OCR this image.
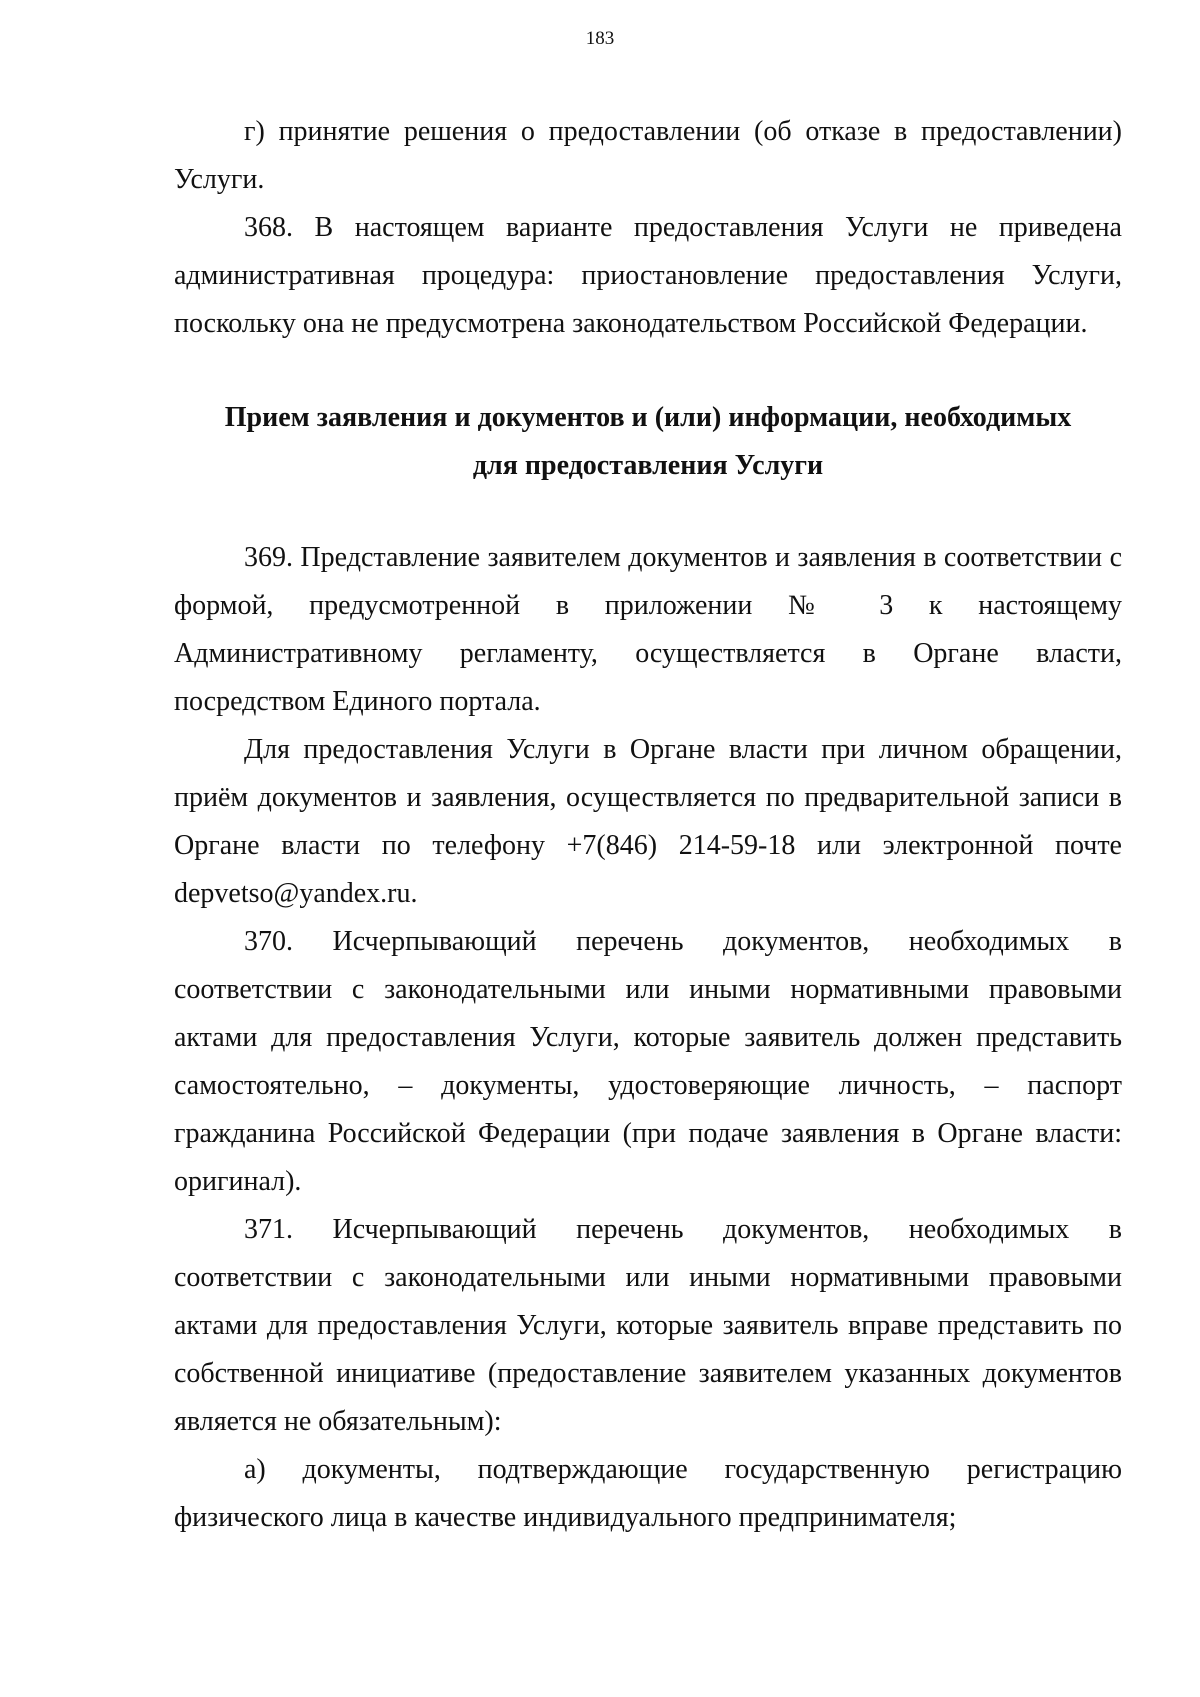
183

г) принятие решения о предоставлении (об отказе в предоставлении) Услуги.

368. В настоящем варианте предоставления Услуги не приведена административная процедура: приостановление предоставления Услуги, поскольку она не предусмотрена законодательством Российской Федерации.

Прием заявления и документов и (или) информации, необходимых
для предоставления Услуги

369. Представление заявителем документов и заявления в соответствии с формой, предусмотренной в приложении № 3 к настоящему Административному регламенту, осуществляется в Органе власти, посредством Единого портала.

Для предоставления Услуги в Органе власти при личном обращении, приём документов и заявления, осуществляется по предварительной записи в Органе власти по телефону +7(846) 214-59-18 или электронной почте depvetso@yandex.ru.

370. Исчерпывающий перечень документов, необходимых в соответствии с законодательными или иными нормативными правовыми актами для предоставления Услуги, которые заявитель должен представить самостоятельно, – документы, удостоверяющие личность, – паспорт гражданина Российской Федерации (при подаче заявления в Органе власти: оригинал).

371. Исчерпывающий перечень документов, необходимых в соответствии с законодательными или иными нормативными правовыми актами для предоставления Услуги, которые заявитель вправе представить по собственной инициативе (предоставление заявителем указанных документов является не обязательным):

а) документы, подтверждающие государственную регистрацию физического лица в качестве индивидуального предпринимателя;
